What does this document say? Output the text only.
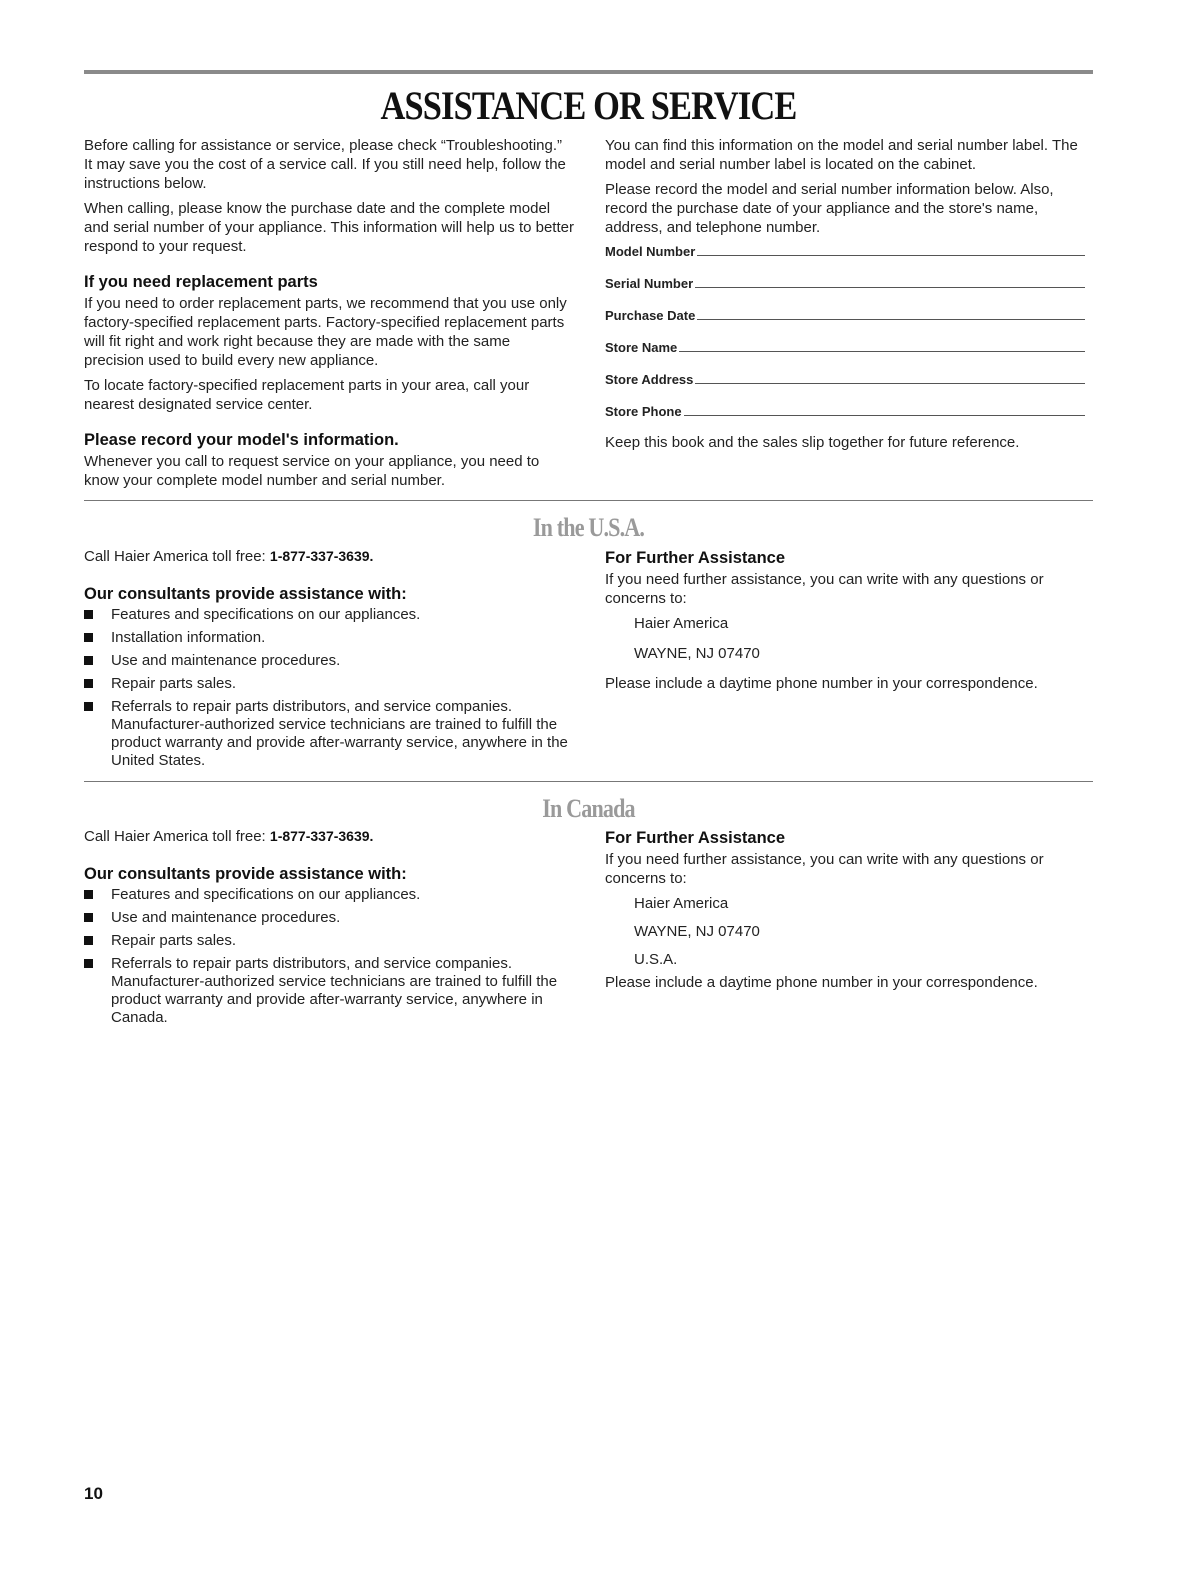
ASSISTANCE OR SERVICE

Before calling for assistance or service, please check “Troubleshooting.” It may save you the cost of a service call. If you still need help, follow the instructions below.

When calling, please know the purchase date and the complete model and serial number of your appliance. This information will help us to better respond to your request.

If you need replacement parts

If you need to order replacement parts, we recommend that you use only factory-specified replacement parts. Factory-specified replacement parts will fit right and work right because they are made with the same precision used to build every new appliance.

To locate factory-specified replacement parts in your area, call your nearest designated service center.

Please record your model's information.

Whenever you call to request service on your appliance, you need to know your complete model number and serial number.

You can find this information on the model and serial number label. The model and serial number label is located on the cabinet.

Please record the model and serial number information below. Also, record the purchase date of your appliance and the store's name, address, and telephone number.

Model Number
Serial Number
Purchase Date
Store Name
Store Address
Store Phone

Keep this book and the sales slip together for future reference.

In the U.S.A.

Call Haier America toll free: 1-877-337-3639.

Our consultants provide assistance with:
Features and specifications on our appliances.
Installation information.
Use and maintenance procedures.
Repair parts sales.
Referrals to repair parts distributors, and service companies. Manufacturer-authorized service technicians are trained to fulfill the product warranty and provide after-warranty service, anywhere in the United States.
For Further Assistance

If you need further assistance, you can write with any questions or concerns to:

Haier America
WAYNE, NJ 07470

Please include a daytime phone number in your correspondence.

In Canada

Call Haier America toll free: 1-877-337-3639.

Our consultants provide assistance with:
Features and specifications on our appliances.
Use and maintenance procedures.
Repair parts sales.
Referrals to repair parts distributors, and service companies. Manufacturer-authorized service technicians are trained to fulfill the product warranty and provide after-warranty service, anywhere in Canada.
For Further Assistance

If you need further assistance, you can write with any questions or concerns to:

Haier America
WAYNE, NJ 07470
U.S.A.

Please include a daytime phone number in your correspondence.

10
